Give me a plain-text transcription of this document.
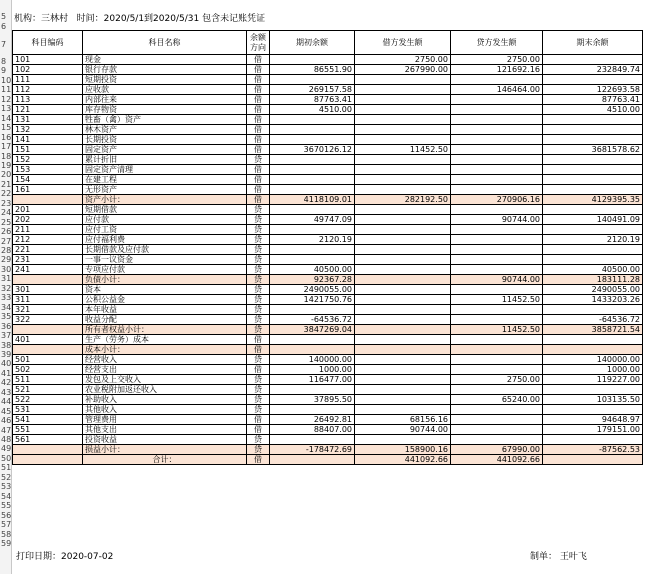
5
6
7
8
9
10
11
12
13
14
15
16
17
18
19
20
21
22
23
24
25
26
27
28
29
30
31
32
33
34
35
36
37
38
39
40
41
42
43
44
45
46
47
48
49
50
51
52
53
54
55
56
57
58
59
机构：三林村 时间：2020/5/1到2020/5/31 包含未记账凭证
科目编码	科目名称	余额方向	期初余额	借方发生额	贷方发生额	期末余额
101	现金	借		2750.00	2750.00	
102	银行存款	借	86551.90	267990.00	121692.16	232849.74
111	短期投资	借				
112	应收款	借	269157.58		146464.00	122693.58
113	内部往来	借	87763.41			87763.41
121	库存物资	借	4510.00			4510.00
131	牲畜（禽）资产	借				
132	林木资产	借				
141	长期投资	借				
151	固定资产	借	3670126.12	11452.50		3681578.62
152	累计折旧	贷				
153	固定资产清理	借				
154	在建工程	借				
161	无形资产	借				
	资产小计：	借	4118109.01	282192.50	270906.16	4129395.35
201	短期借款	贷				
202	应付款	贷	49747.09		90744.00	140491.09
211	应付工资	贷				
212	应付福利费	贷	2120.19			2120.19
221	长期借款及应付款	贷				
231	一事一议资金	贷				
241	专项应付款	贷	40500.00			40500.00
	负债小计：	贷	92367.28		90744.00	183111.28
301	资本	贷	2490055.00			2490055.00
311	公积公益金	贷	1421750.76		11452.50	1433203.26
321	本年收益	贷				
322	收益分配	贷	-64536.72			-64536.72
	所有者权益小计：	贷	3847269.04		11452.50	3858721.54
401	生产（劳务）成本	借				
	成本小计：	借				
501	经营收入	贷	140000.00			140000.00
502	经营支出	借	1000.00			1000.00
511	发包及上交收入	贷	116477.00		2750.00	119227.00
521	农业税附加返还收入	贷				
522	补助收入	贷	37895.50		65240.00	103135.50
531	其他收入	贷				
541	管理费用	借	26492.81	68156.16		94648.97
551	其他支出	借	88407.00	90744.00		179151.00
561	投资收益	贷				
	损益小计：	贷	-178472.69	158900.16	67990.00	-87562.53
	合计：	借		441092.66	441092.66	
打印日期：2020-07-02	制单： 王叶飞
